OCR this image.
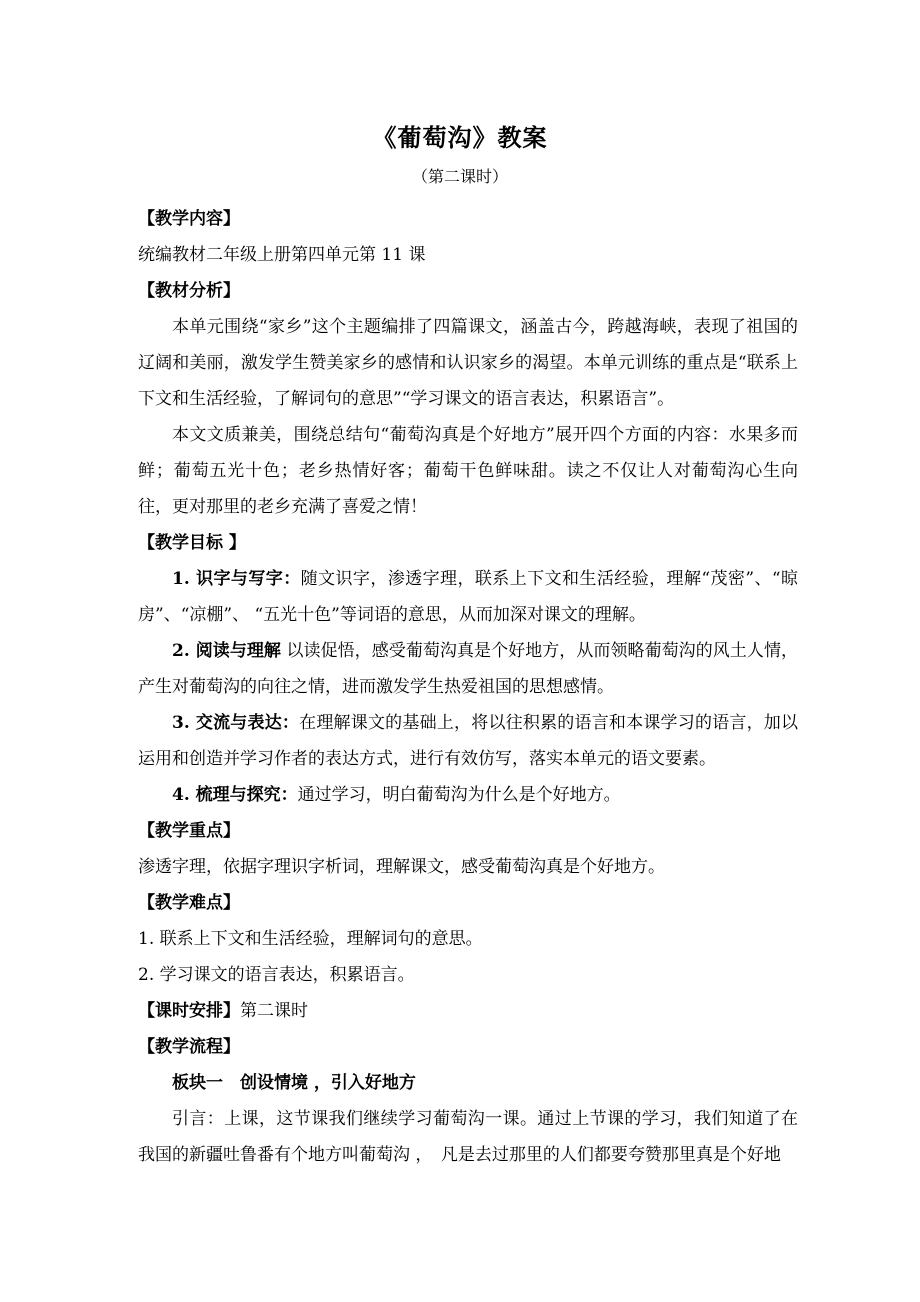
《葡萄沟》教案
（第二课时）

【教学内容】

统编教材二年级上册第四单元第 11 课

【教材分析】

本单元围绕“家乡”这个主题编排了四篇课文，涵盖古今，跨越海峡，表现了祖国的辽阔和美丽，激发学生赞美家乡的感情和认识家乡的渴望。本单元训练的重点是“联系上下文和生活经验，了解词句的意思”“学习课文的语言表达，积累语言”。

本文文质兼美，围绕总结句“葡萄沟真是个好地方”展开四个方面的内容：水果多而鲜；葡萄五光十色；老乡热情好客；葡萄干色鲜味甜。读之不仅让人对葡萄沟心生向往，更对那里的老乡充满了喜爱之情！

【教学目标 】

1. 识字与写字：随文识字，渗透字理，联系上下文和生活经验，理解“茂密”、“晾房”、“凉棚”、 “五光十色”等词语的意思，从而加深对课文的理解。

2. 阅读与理解 以读促悟，感受葡萄沟真是个好地方，从而领略葡萄沟的风土人情，产生对葡萄沟的向往之情，进而激发学生热爱祖国的思想感情。

3. 交流与表达：在理解课文的基础上，将以往积累的语言和本课学习的语言，加以运用和创造并学习作者的表达方式，进行有效仿写，落实本单元的语文要素。

4. 梳理与探究：通过学习，明白葡萄沟为什么是个好地方。

【教学重点】

渗透字理，依据字理识字析词，理解课文，感受葡萄沟真是个好地方。

【教学难点】

1. 联系上下文和生活经验，理解词句的意思。

2. 学习课文的语言表达，积累语言。

【课时安排】第二课时

【教学流程】

板块一　创设情境 ，引入好地方

引言：上课，这节课我们继续学习葡萄沟一课。通过上节课的学习，我们知道了在我国的新疆吐鲁番有个地方叫葡萄沟 ，　凡是去过那里的人们都要夸赞那里真是个好地
